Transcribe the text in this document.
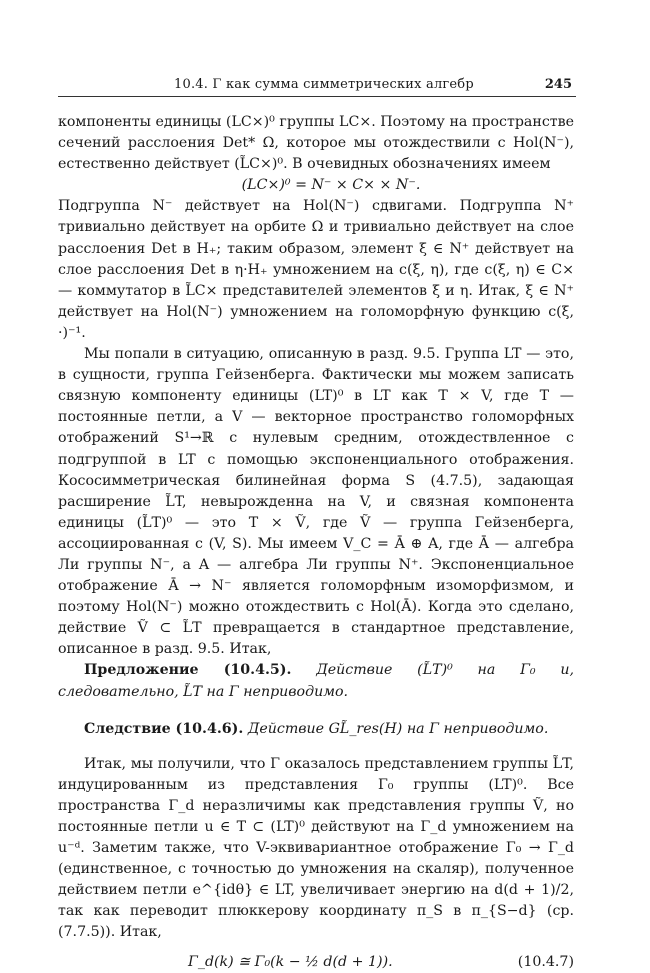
10.4. Γ как сумма симметрических алгебр	245

компоненты единицы (LC×)⁰ группы LC×. Поэтому на пространстве сечений расслоения Det* Ω, которое мы отождествили с Hol(N⁻), естественно действует (L̃C×)⁰. В очевидных обозначениях имеем

(LC×)⁰ = N⁻ × C× × N⁻.

Подгруппа N⁻ действует на Hol(N⁻) сдвигами. Подгруппа N⁺ тривиально действует на орбите Ω и тривиально действует на слое расслоения Det в H₊; таким образом, элемент ξ ∈ N⁺ действует на слое расслоения Det в η·H₊ умножением на c(ξ, η), где c(ξ, η) ∈ C× — коммутатор в L̃C× представителей элементов ξ и η. Итак, ξ ∈ N⁺ действует на Hol(N⁻) умножением на голоморфную функцию c(ξ, ·)⁻¹.

Мы попали в ситуацию, описанную в разд. 9.5. Группа LT — это, в сущности, группа Гейзенберга. Фактически мы можем записать связную компоненту единицы (LT)⁰ в LT как T × V, где T — постоянные петли, а V — векторное пространство голоморфных отображений S¹→ℝ с нулевым средним, отождествленное с подгруппой в LT с помощью экспоненциального отображения. Кососимметрическая билинейная форма S (4.7.5), задающая расширение L̃T, невырожденна на V, и связная компонента единицы (L̃T)⁰ — это T × Ṽ, где Ṽ — группа Гейзенберга, ассоциированная с (V, S). Мы имеем V_C = Ā ⊕ A, где Ā — алгебра Ли группы N⁻, а A — алгебра Ли группы N⁺. Экспоненциальное отображение Ā → N⁻ является голоморфным изоморфизмом, и поэтому Hol(N⁻) можно отождествить с Hol(Ā). Когда это сделано, действие Ṽ ⊂ L̃T превращается в стандартное представление, описанное в разд. 9.5. Итак,

Предложение (10.4.5). Действие (L̃T)⁰ на Γ₀ и, следовательно, L̃T на Γ неприводимо.

Следствие (10.4.6). Действие GL̃_res(H) на Γ неприводимо.

Итак, мы получили, что Γ оказалось представлением группы L̃T, индуцированным из представления Γ₀ группы (LT)⁰. Все пространства Γ_d неразличимы как представления группы Ṽ, но постоянные петли u ∈ T ⊂ (LT)⁰ действуют на Γ_d умножением на u⁻ᵈ. Заметим также, что V-эквивариантное отображение Γ₀ → Γ_d (единственное, с точностью до умножения на скаляр), полученное действием петли e^{idθ} ∈ LT, увеличивает энергию на d(d + 1)/2, так как переводит плюккерову координату π_S в π_{S−d} (ср. (7.7.5)). Итак,

Γ_d(k) ≅ Γ₀(k − ½ d(d + 1)).	(10.4.7)
